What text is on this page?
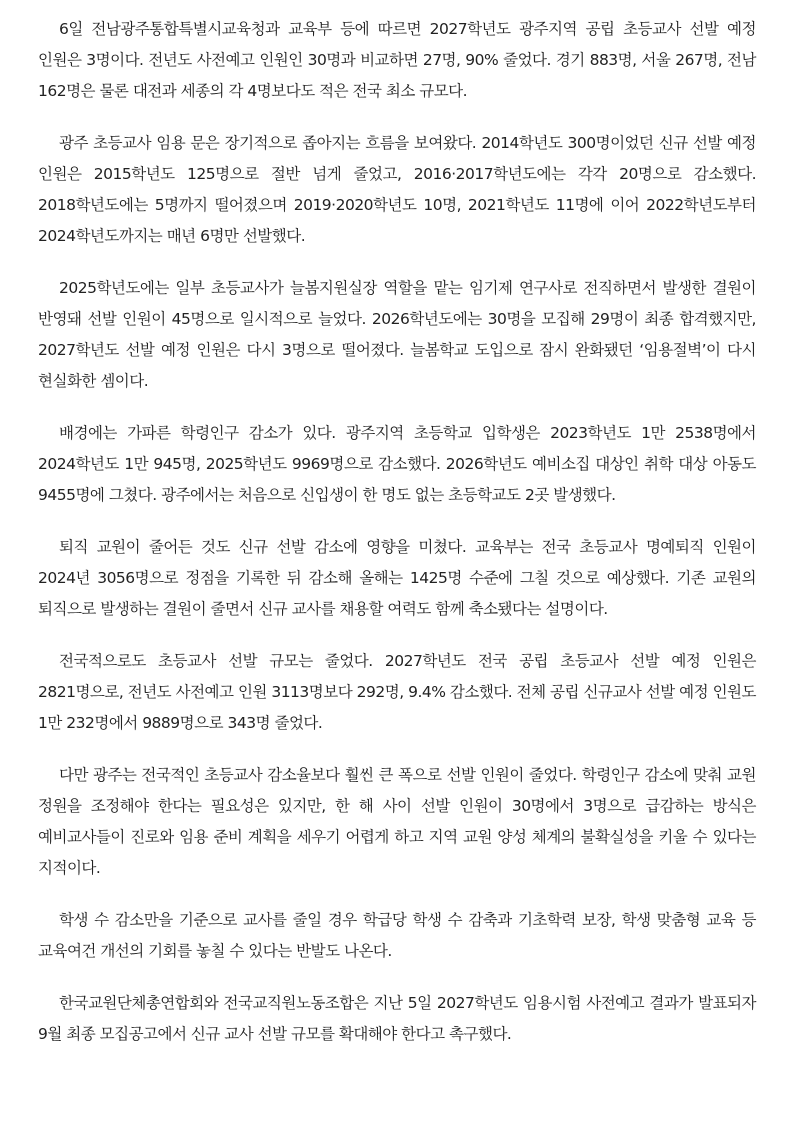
6일 전남광주통합특별시교육청과 교육부 등에 따르면 2027학년도 광주지역 공립 초등교사 선발 예정 인원은 3명이다. 전년도 사전예고 인원인 30명과 비교하면 27명, 90% 줄었다. 경기 883명, 서울 267명, 전남 162명은 물론 대전과 세종의 각 4명보다도 적은 전국 최소 규모다.

광주 초등교사 임용 문은 장기적으로 좁아지는 흐름을 보여왔다. 2014학년도 300명이었던 신규 선발 예정 인원은 2015학년도 125명으로 절반 넘게 줄었고, 2016·2017학년도에는 각각 20명으로 감소했다. 2018학년도에는 5명까지 떨어졌으며 2019·2020학년도 10명, 2021학년도 11명에 이어 2022학년도부터 2024학년도까지는 매년 6명만 선발했다.

2025학년도에는 일부 초등교사가 늘봄지원실장 역할을 맡는 임기제 연구사로 전직하면서 발생한 결원이 반영돼 선발 인원이 45명으로 일시적으로 늘었다. 2026학년도에는 30명을 모집해 29명이 최종 합격했지만, 2027학년도 선발 예정 인원은 다시 3명으로 떨어졌다. 늘봄학교 도입으로 잠시 완화됐던 ‘임용절벽’이 다시 현실화한 셈이다.

배경에는 가파른 학령인구 감소가 있다. 광주지역 초등학교 입학생은 2023학년도 1만 2538명에서 2024학년도 1만 945명, 2025학년도 9969명으로 감소했다. 2026학년도 예비소집 대상인 취학 대상 아동도 9455명에 그쳤다. 광주에서는 처음으로 신입생이 한 명도 없는 초등학교도 2곳 발생했다.

퇴직 교원이 줄어든 것도 신규 선발 감소에 영향을 미쳤다. 교육부는 전국 초등교사 명예퇴직 인원이 2024년 3056명으로 정점을 기록한 뒤 감소해 올해는 1425명 수준에 그칠 것으로 예상했다. 기존 교원의 퇴직으로 발생하는 결원이 줄면서 신규 교사를 채용할 여력도 함께 축소됐다는 설명이다.

전국적으로도 초등교사 선발 규모는 줄었다. 2027학년도 전국 공립 초등교사 선발 예정 인원은 2821명으로, 전년도 사전예고 인원 3113명보다 292명, 9.4% 감소했다. 전체 공립 신규교사 선발 예정 인원도 1만 232명에서 9889명으로 343명 줄었다.

다만 광주는 전국적인 초등교사 감소율보다 훨씬 큰 폭으로 선발 인원이 줄었다. 학령인구 감소에 맞춰 교원 정원을 조정해야 한다는 필요성은 있지만, 한 해 사이 선발 인원이 30명에서 3명으로 급감하는 방식은 예비교사들이 진로와 임용 준비 계획을 세우기 어렵게 하고 지역 교원 양성 체계의 불확실성을 키울 수 있다는 지적이다.

학생 수 감소만을 기준으로 교사를 줄일 경우 학급당 학생 수 감축과 기초학력 보장, 학생 맞춤형 교육 등 교육여건 개선의 기회를 놓칠 수 있다는 반발도 나온다.

한국교원단체총연합회와 전국교직원노동조합은 지난 5일 2027학년도 임용시험 사전예고 결과가 발표되자 9월 최종 모집공고에서 신규 교사 선발 규모를 확대해야 한다고 촉구했다.
